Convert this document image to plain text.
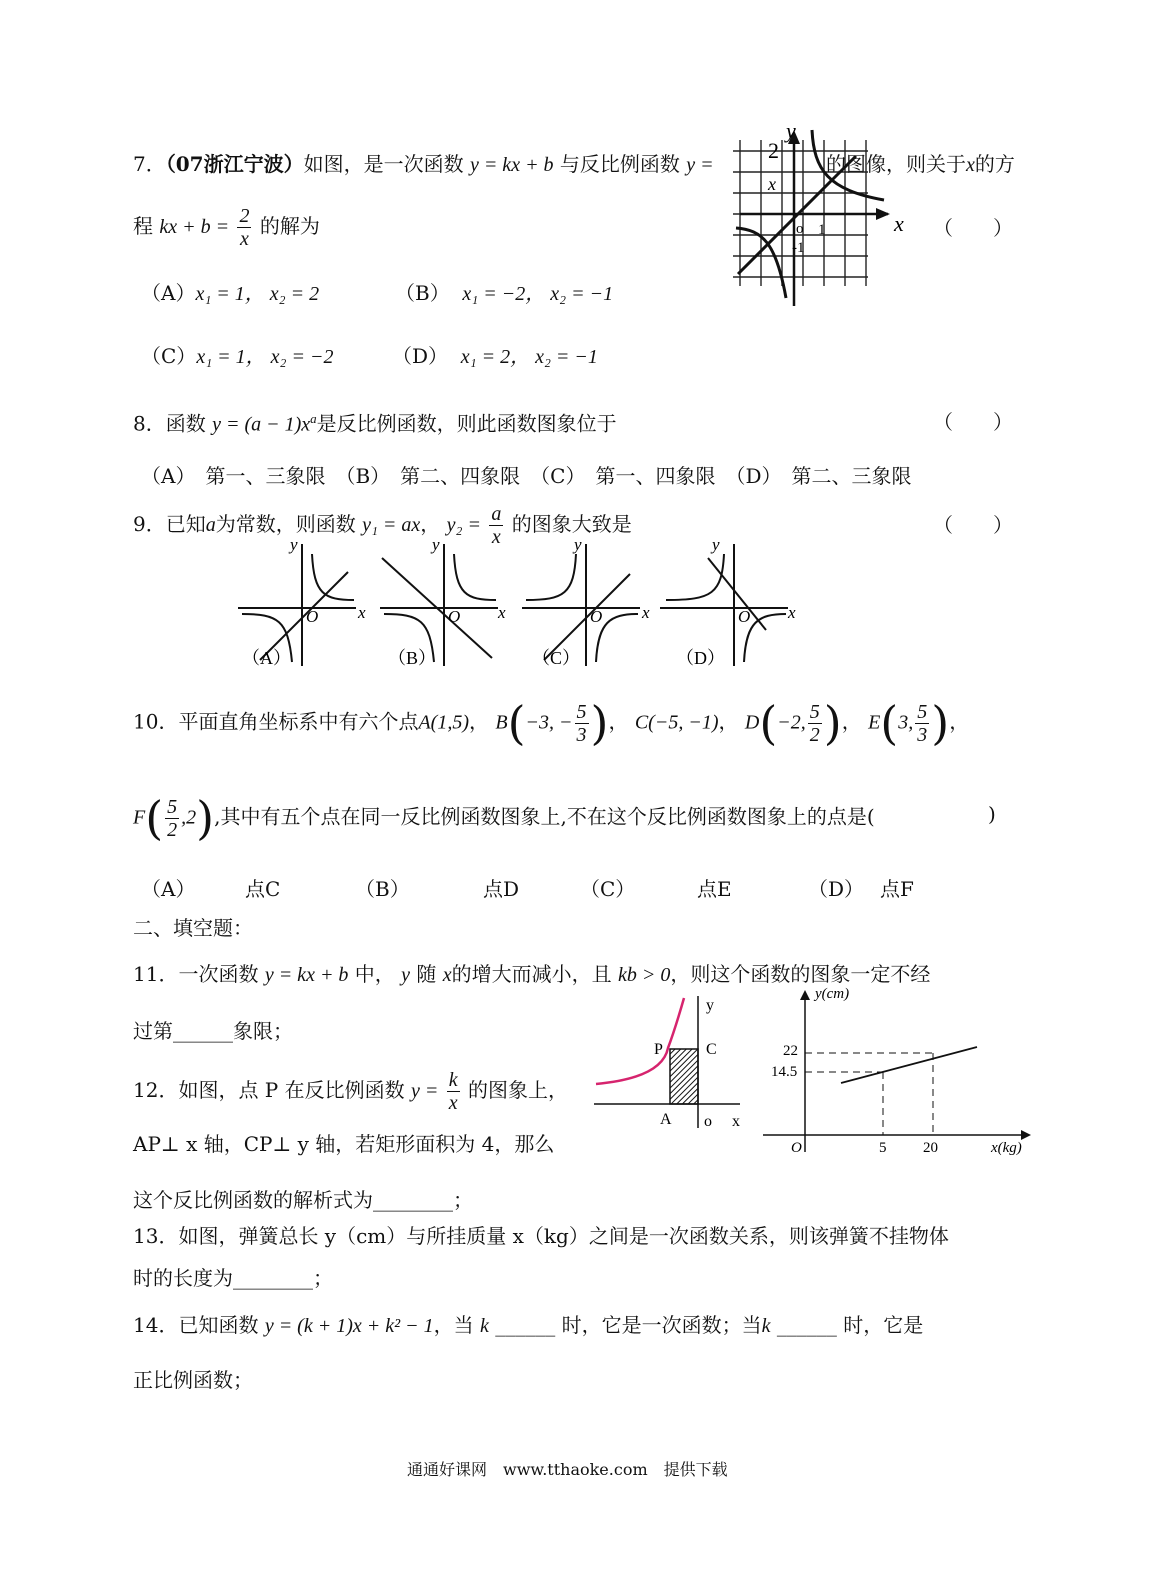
7．（07浙江宁波）如图，是一次函数 y = kx + b 与反比例函数 y =	的图像，则关于x的方
程 kx + $b = \frac{2}{x}$ 的解为	（　　）
y
x
2
x
o 1
-1
（A）x₁ = 1， x₂ = 2	（B） x₁ = −2， x₂ = −1
（C）x₁ = 1， x₂ = −2	（D） x₁ = 2， x₂ = −1
8．函数 $y = (a - 1)x^a$是反比例函数，则此函数图象位于	（　　）
（A）　第一、三象限　（B）　第二、四象限　（C）　第一、四象限　（D）　第二、三象限
9．已知a为常数，则函数 y₁ = ax， $y_2 = \frac{a}{x}$ 的图象大致是	（　　）
y
x
O
y
x
O
y
x
O
y
x
O
（A）	（B）	（C）	（D）
10．平面直角坐标系中有六个点A(1,5)， B(−3, − $\frac{5}{3}$ )， C(−5, −1)， D(−2, $\frac{5}{2}$ )， E(3, $\frac{5}{3}$ )，
$F( \frac{5}{2} ,2)$,其中有五个点在同一反比例函数图象上,不在这个反比例函数图象上的点是(	)
（A） 点C	（B）	点D	（C）	点E	（D） 点F
二、填空题：
11．一次函数 y = kx + b 中， y 随 x的增大而减小，且 kb > 0，则这个函数的图象一定不经
过第______象限；
12．如图，点 P 在反比例函数 $y = \frac{k}{x}$ 的图象上，
AP⊥ x 轴，CP⊥ y 轴，若矩形面积为 4，那么
这个反比例函数的解析式为________；
y
P	C
A o x
y(cm)
22
14.5
O	5 20	x(kg)
13．如图，弹簧总长 y（cm）与所挂质量 x（kg）之间是一次函数关系，则该弹簧不挂物体
时的长度为________；
14．已知函数 y = (k + 1)x + k² − 1，当 k ______ 时，它是一次函数；当k ______ 时，它是
正比例函数；
通通好课网　www.tthaoke.com　提供下载
